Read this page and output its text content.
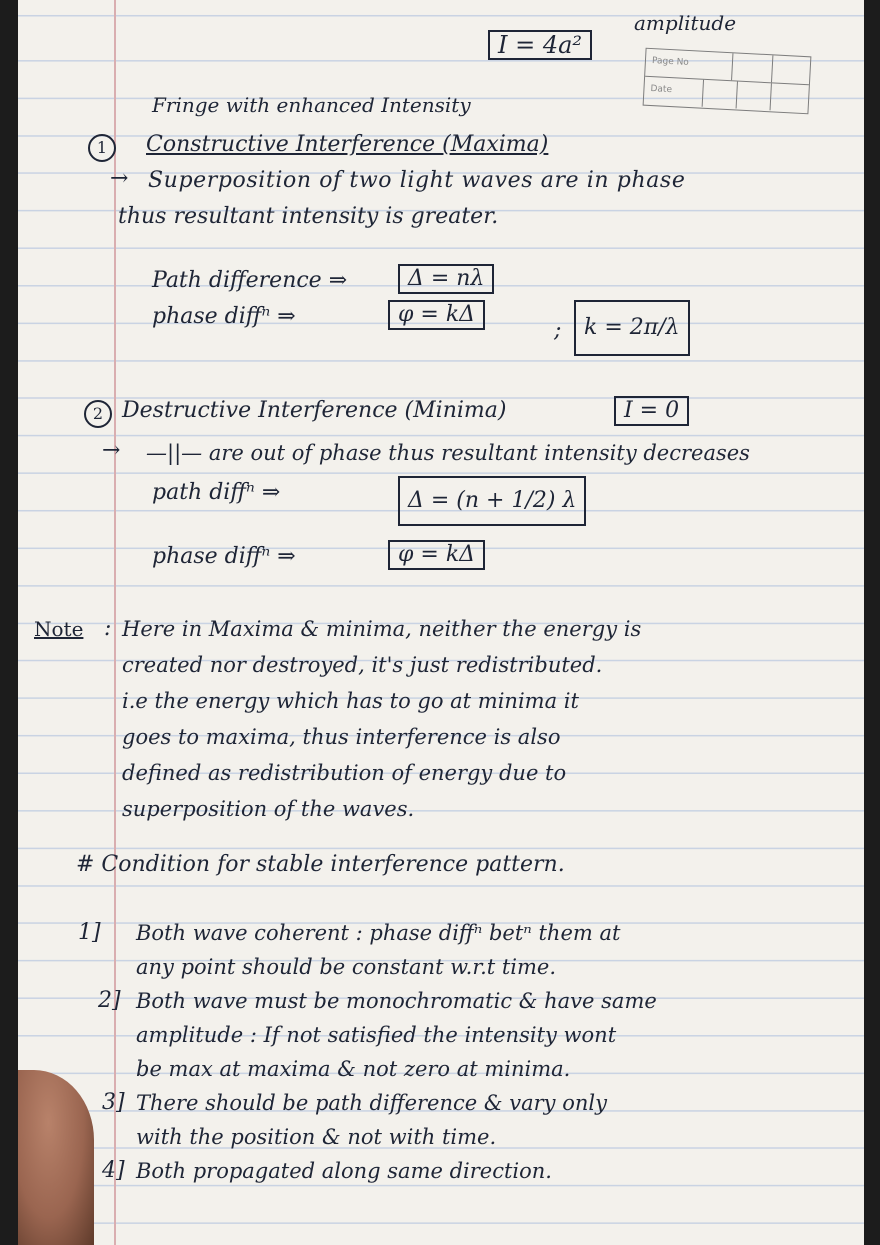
I = 4a²
amplitude
Page No
Date
Fringe with enhanced Intensity
1	Constructive Interference (Maxima)
→ Superposition of two light waves are in phase
thus resultant intensity is greater.
Path difference ⇒	Δ = nλ
phase diffⁿ ⇒	φ = kΔ
;	k = 2π/λ
2 Destructive Interference (Minima)	I = 0
→ —||— are out of phase thus resultant intensity decreases
path diffⁿ ⇒	Δ = (n + 1/2) λ
phase diffⁿ ⇒	φ = kΔ
Note : Here in Maxima & minima, neither the energy is
created nor destroyed, it's just redistributed.
i.e the energy which has to go at minima it
goes to maxima, thus interference is also
defined as redistribution of energy due to
superposition of the waves.
# Condition for stable interference pattern.
1] Both wave coherent : phase diffⁿ betⁿ them at
any point should be constant w.r.t time.
2] Both wave must be monochromatic & have same
amplitude : If not satisfied the intensity wont
be max at maxima & not zero at minima.
3] There should be path difference & vary only
with the position & not with time.
4] Both propagated along same direction.
